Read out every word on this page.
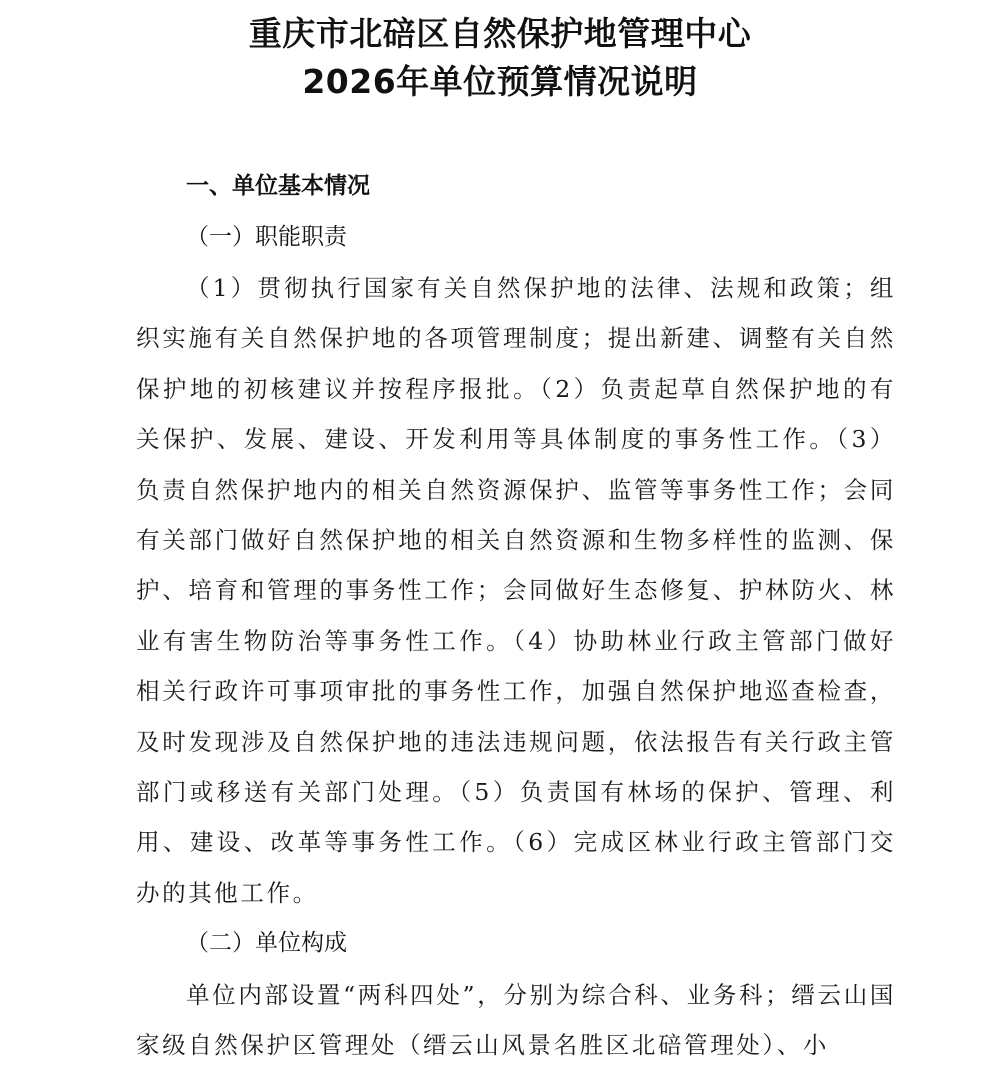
重庆市北碚区自然保护地管理中心
2026年单位预算情况说明
一、单位基本情况
（一）职能职责

（1）贯彻执行国家有关自然保护地的法律、法规和政策；组织实施有关自然保护地的各项管理制度；提出新建、调整有关自然保护地的初核建议并按程序报批。（2）负责起草自然保护地的有关保护、发展、建设、开发利用等具体制度的事务性工作。（3）负责自然保护地内的相关自然资源保护、监管等事务性工作；会同有关部门做好自然保护地的相关自然资源和生物多样性的监测、保护、培育和管理的事务性工作；会同做好生态修复、护林防火、林业有害生物防治等事务性工作。（4）协助林业行政主管部门做好相关行政许可事项审批的事务性工作，加强自然保护地巡查检查，及时发现涉及自然保护地的违法违规问题，依法报告有关行政主管部门或移送有关部门处理。（5）负责国有林场的保护、管理、利用、建设、改革等事务性工作。（6）完成区林业行政主管部门交办的其他工作。

（二）单位构成

单位内部设置“两科四处”，分别为综合科、业务科；缙云山国家级自然保护区管理处（缙云山风景名胜区北碚管理处）、小
